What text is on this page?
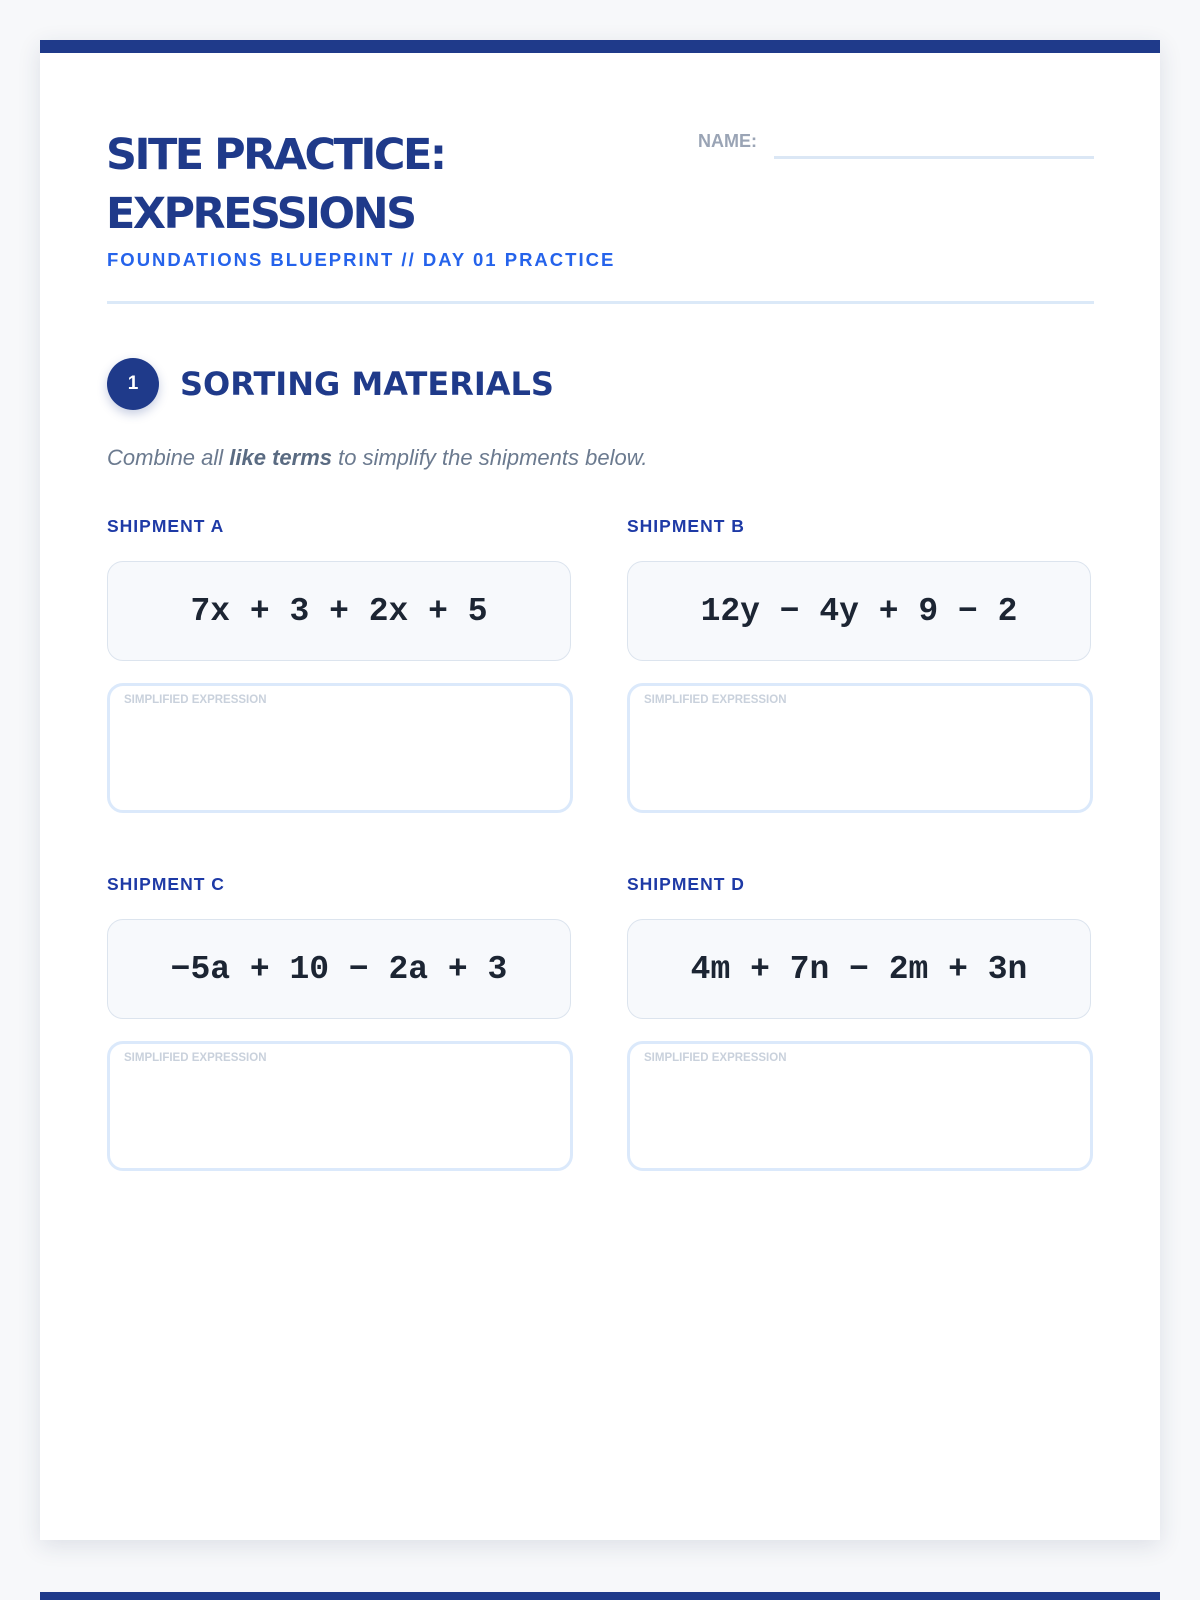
SITE PRACTICE: EXPRESSIONS
FOUNDATIONS BLUEPRINT // DAY 01 PRACTICE
NAME:
1	SORTING MATERIALS
Combine all like terms to simplify the shipments below.
SHIPMENT A
7x + 3 + 2x + 5
SIMPLIFIED EXPRESSION
SHIPMENT B
12y − 4y + 9 − 2
SIMPLIFIED EXPRESSION
SHIPMENT C
−5a + 10 − 2a + 3
SIMPLIFIED EXPRESSION
SHIPMENT D
4m + 7n − 2m + 3n
SIMPLIFIED EXPRESSION
